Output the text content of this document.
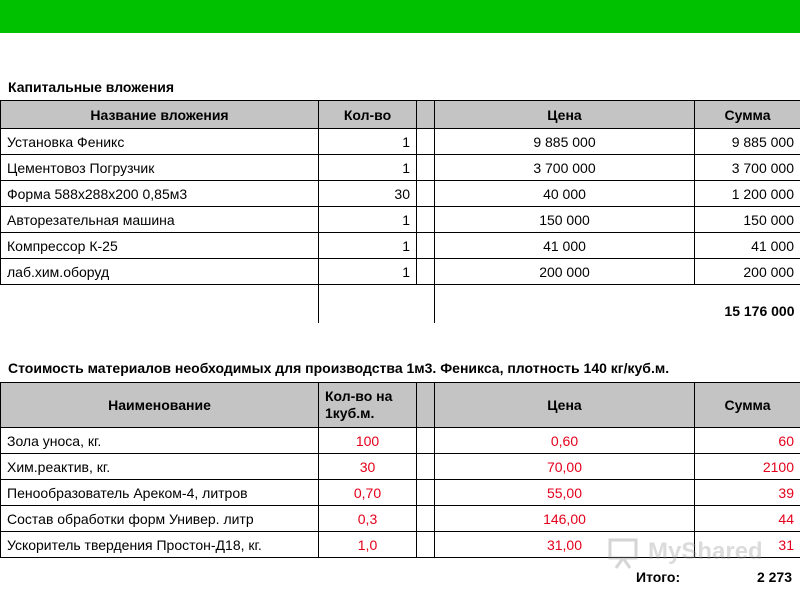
Капитальные вложения
Название вложения	Кол-во		Цена	Сумма
Установка Феникс	1		9 885 000	9 885 000
Цементовоз Погрузчик	1		3 700 000	3 700 000
Форма 588х288х200 0,85м3	30		40 000	1 200 000
Авторезательная машина	1		150 000	150 000
Компрессор К-25	1		41 000	41 000
лаб.хим.оборуд	1		200 000	200 000
				15 176 000
Стоимость материалов необходимых для производства 1м3. Феникса, плотность 140 кг/куб.м.
Наименование	Кол-во на 1куб.м.		Цена	Сумма
Зола уноса, кг.	100		0,60	60
Хим.реактив, кг.	30		70,00	2100
Пенообразователь Ареком-4, литров	0,70		55,00	39
Состав обработки форм Универ. литр	0,3		146,00	44
Ускоритель твердения Простон-Д18, кг.	1,0		31,00	31
MyShared
Итого:	2 273
